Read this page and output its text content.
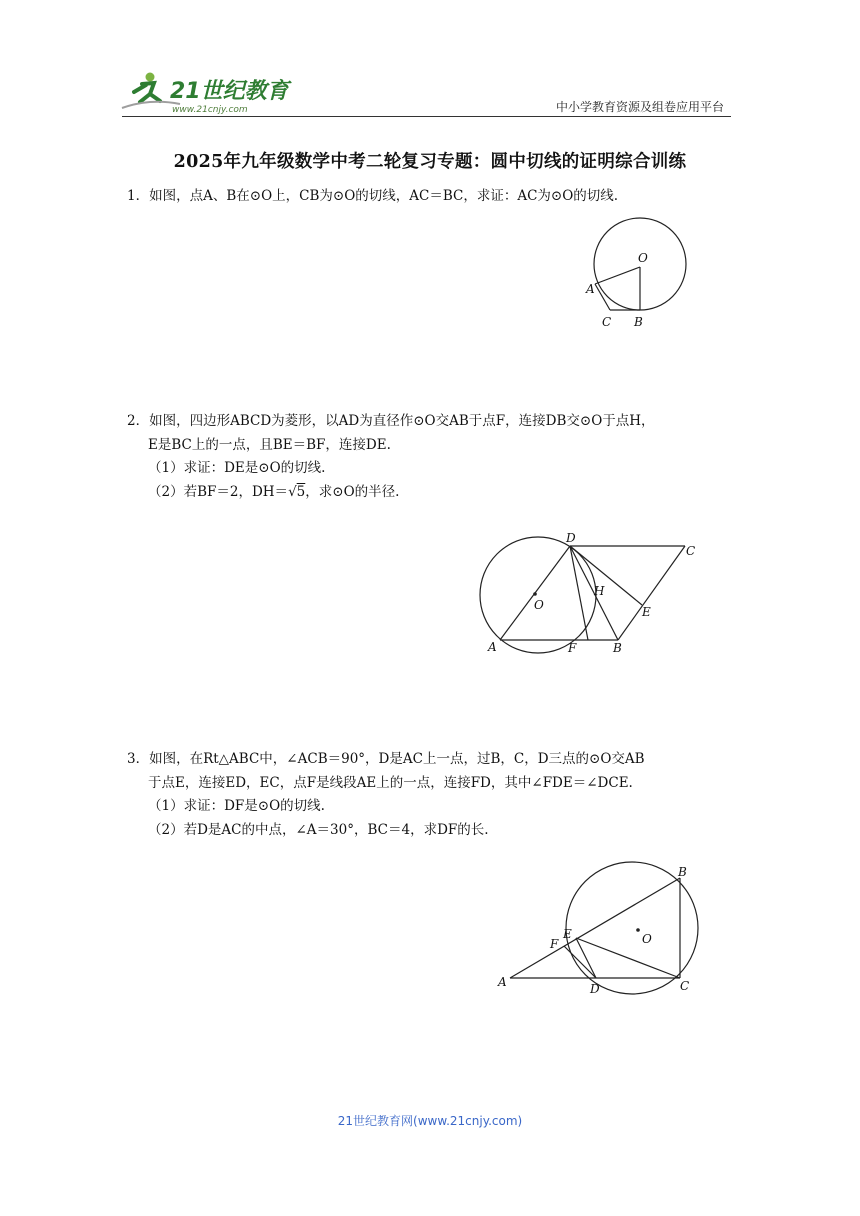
21世纪教育
www.21cnjy.com	中小学教育资源及组卷应用平台
2025年九年级数学中考二轮复习专题：圆中切线的证明综合训练

1．如图，点A、B在⊙O上，CB为⊙O的切线，AC＝BC，求证：AC为⊙O的切线.

O
A
C B

2．如图，四边形ABCD为菱形，以AD为直径作⊙O交AB于点F，连接DB交⊙O于点H，

E是BC上的一点，且BE＝BF，连接DE.

（1）求证：DE是⊙O的切线.

（2）若BF＝2，DH＝√5，求⊙O的半径.

D
C
O
H
E
A	F	B

3．如图，在Rt△ABC中，∠ACB＝90°，D是AC上一点，过B，C，D三点的⊙O交AB

于点E，连接ED，EC，点F是线段AE上的一点，连接FD，其中∠FDE＝∠DCE.

（1）求证：DF是⊙O的切线.

（2）若D是AC的中点，∠A＝30°，BC＝4，求DF的长.

B
O
E
F
A	D	C
21世纪教育网(www.21cnjy.com)
